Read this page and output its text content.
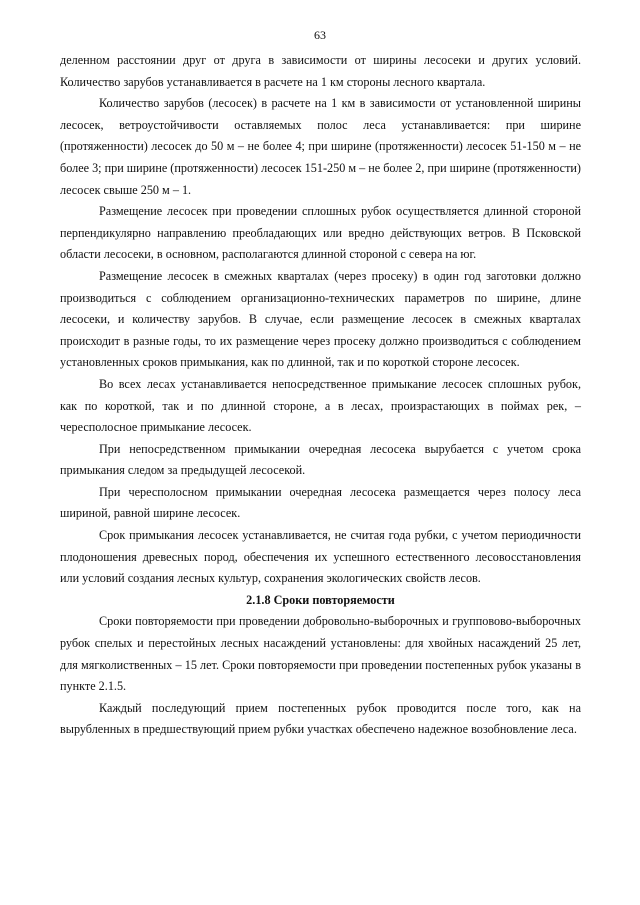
63

деленном расстоянии друг от друга в зависимости от ширины лесосеки и других условий. Количество зарубов устанавливается в расчете на 1 км стороны лесного квартала.

Количество зарубов (лесосек) в расчете на 1 км в зависимости от установленной ширины лесосек, ветроустойчивости оставляемых полос леса устанавливается: при ширине (протяженности) лесосек до 50 м – не более 4; при ширине (протяженности) лесосек 51-150 м – не более 3; при ширине (протяженности) лесосек 151-250 м – не более 2, при ширине (протяженности) лесосек свыше 250 м – 1.

Размещение лесосек при проведении сплошных рубок осуществляется длинной стороной перпендикулярно направлению преобладающих или вредно действующих ветров. В Псковской области лесосеки, в основном, располагаются длинной стороной с севера на юг.

Размещение лесосек в смежных кварталах (через просеку) в один год заготовки должно производиться с соблюдением организационно-технических параметров по ширине, длине лесосеки, и количеству зарубов. В случае, если размещение лесосек в смежных кварталах происходит в разные годы, то их размещение через просеку должно производиться с соблюдением установленных сроков примыкания, как по длинной, так и по короткой стороне лесосек.

Во всех лесах устанавливается непосредственное примыкание лесосек сплошных рубок, как по короткой, так и по длинной стороне, а в лесах, произрастающих в поймах рек, – чересполосное примыкание лесосек.

При непосредственном примыкании очередная лесосека вырубается с учетом срока примыкания следом за предыдущей лесосекой.

При чересполосном примыкании очередная лесосека размещается через полосу леса шириной, равной ширине лесосек.

Срок примыкания лесосек устанавливается, не считая года рубки, с учетом периодичности плодоношения древесных пород, обеспечения их успешного естественного лесовосстановления или условий создания лесных культур, сохранения экологических свойств лесов.

2.1.8 Сроки повторяемости

Сроки повторяемости при проведении добровольно-выборочных и групповово-выборочных рубок спелых и перестойных лесных насаждений установлены: для хвойных насаждений 25 лет, для мягколиственных – 15 лет. Сроки повторяемости при проведении постепенных рубок указаны в пункте 2.1.5.

Каждый последующий прием постепенных рубок проводится после того, как на вырубленных в предшествующий прием рубки участках обеспечено надежное возобновление леса.
